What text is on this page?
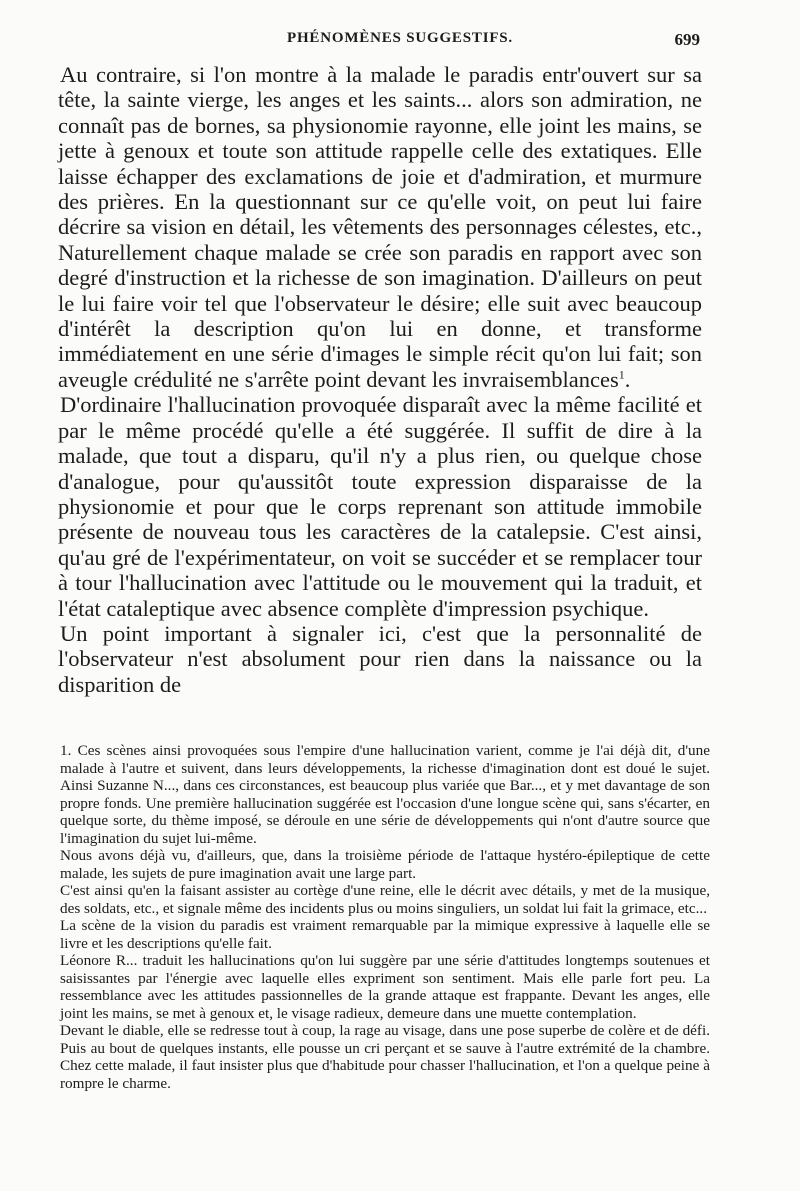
PHÉNOMÈNES SUGGESTIFS.	699

Au contraire, si l'on montre à la malade le paradis entr'ouvert sur sa tête, la sainte vierge, les anges et les saints... alors son admiration, ne connaît pas de bornes, sa physionomie rayonne, elle joint les mains, se jette à genoux et toute son attitude rappelle celle des extatiques. Elle laisse échapper des exclamations de joie et d'admiration, et murmure des prières. En la questionnant sur ce qu'elle voit, on peut lui faire décrire sa vision en détail, les vêtements des personnages célestes, etc., Naturellement chaque malade se crée son paradis en rapport avec son degré d'instruction et la richesse de son imagination. D'ailleurs on peut le lui faire voir tel que l'observateur le désire; elle suit avec beaucoup d'intérêt la description qu'on lui en donne, et transforme immédiatement en une série d'images le simple récit qu'on lui fait; son aveugle crédulité ne s'arrête point devant les invraisemblances$^1$.

D'ordinaire l'hallucination provoquée disparaît avec la même facilité et par le même procédé qu'elle a été suggérée. Il suffit de dire à la malade, que tout a disparu, qu'il n'y a plus rien, ou quelque chose d'analogue, pour qu'aussitôt toute expression disparaisse de la physionomie et pour que le corps reprenant son attitude immobile présente de nouveau tous les caractères de la catalepsie. C'est ainsi, qu'au gré de l'expérimentateur, on voit se succéder et se remplacer tour à tour l'hallucination avec l'attitude ou le mouvement qui la traduit, et l'état cataleptique avec absence complète d'impression psychique.

Un point important à signaler ici, c'est que la personnalité de l'observateur n'est absolument pour rien dans la naissance ou la disparition de

1. Ces scènes ainsi provoquées sous l'empire d'une hallucination varient, comme je l'ai déjà dit, d'une malade à l'autre et suivent, dans leurs développements, la richesse d'imagination dont est doué le sujet. Ainsi Suzanne N..., dans ces circonstances, est beaucoup plus variée que Bar..., et y met davantage de son propre fonds. Une première hallucination suggérée est l'occasion d'une longue scène qui, sans s'écarter, en quelque sorte, du thème imposé, se déroule en une série de développements qui n'ont d'autre source que l'imagination du sujet lui-même.

Nous avons déjà vu, d'ailleurs, que, dans la troisième période de l'attaque hystéro-épileptique de cette malade, les sujets de pure imagination avait une large part.

C'est ainsi qu'en la faisant assister au cortège d'une reine, elle le décrit avec détails, y met de la musique, des soldats, etc., et signale même des incidents plus ou moins singuliers, un soldat lui fait la grimace, etc...

La scène de la vision du paradis est vraiment remarquable par la mimique expressive à laquelle elle se livre et les descriptions qu'elle fait.

Léonore R... traduit les hallucinations qu'on lui suggère par une série d'attitudes longtemps soutenues et saisissantes par l'énergie avec laquelle elles expriment son sentiment. Mais elle parle fort peu. La ressemblance avec les attitudes passionnelles de la grande attaque est frappante. Devant les anges, elle joint les mains, se met à genoux et, le visage radieux, demeure dans une muette contemplation.

Devant le diable, elle se redresse tout à coup, la rage au visage, dans une pose superbe de colère et de défi. Puis au bout de quelques instants, elle pousse un cri perçant et se sauve à l'autre extrémité de la chambre. Chez cette malade, il faut insister plus que d'habitude pour chasser l'hallucination, et l'on a quelque peine à rompre le charme.
